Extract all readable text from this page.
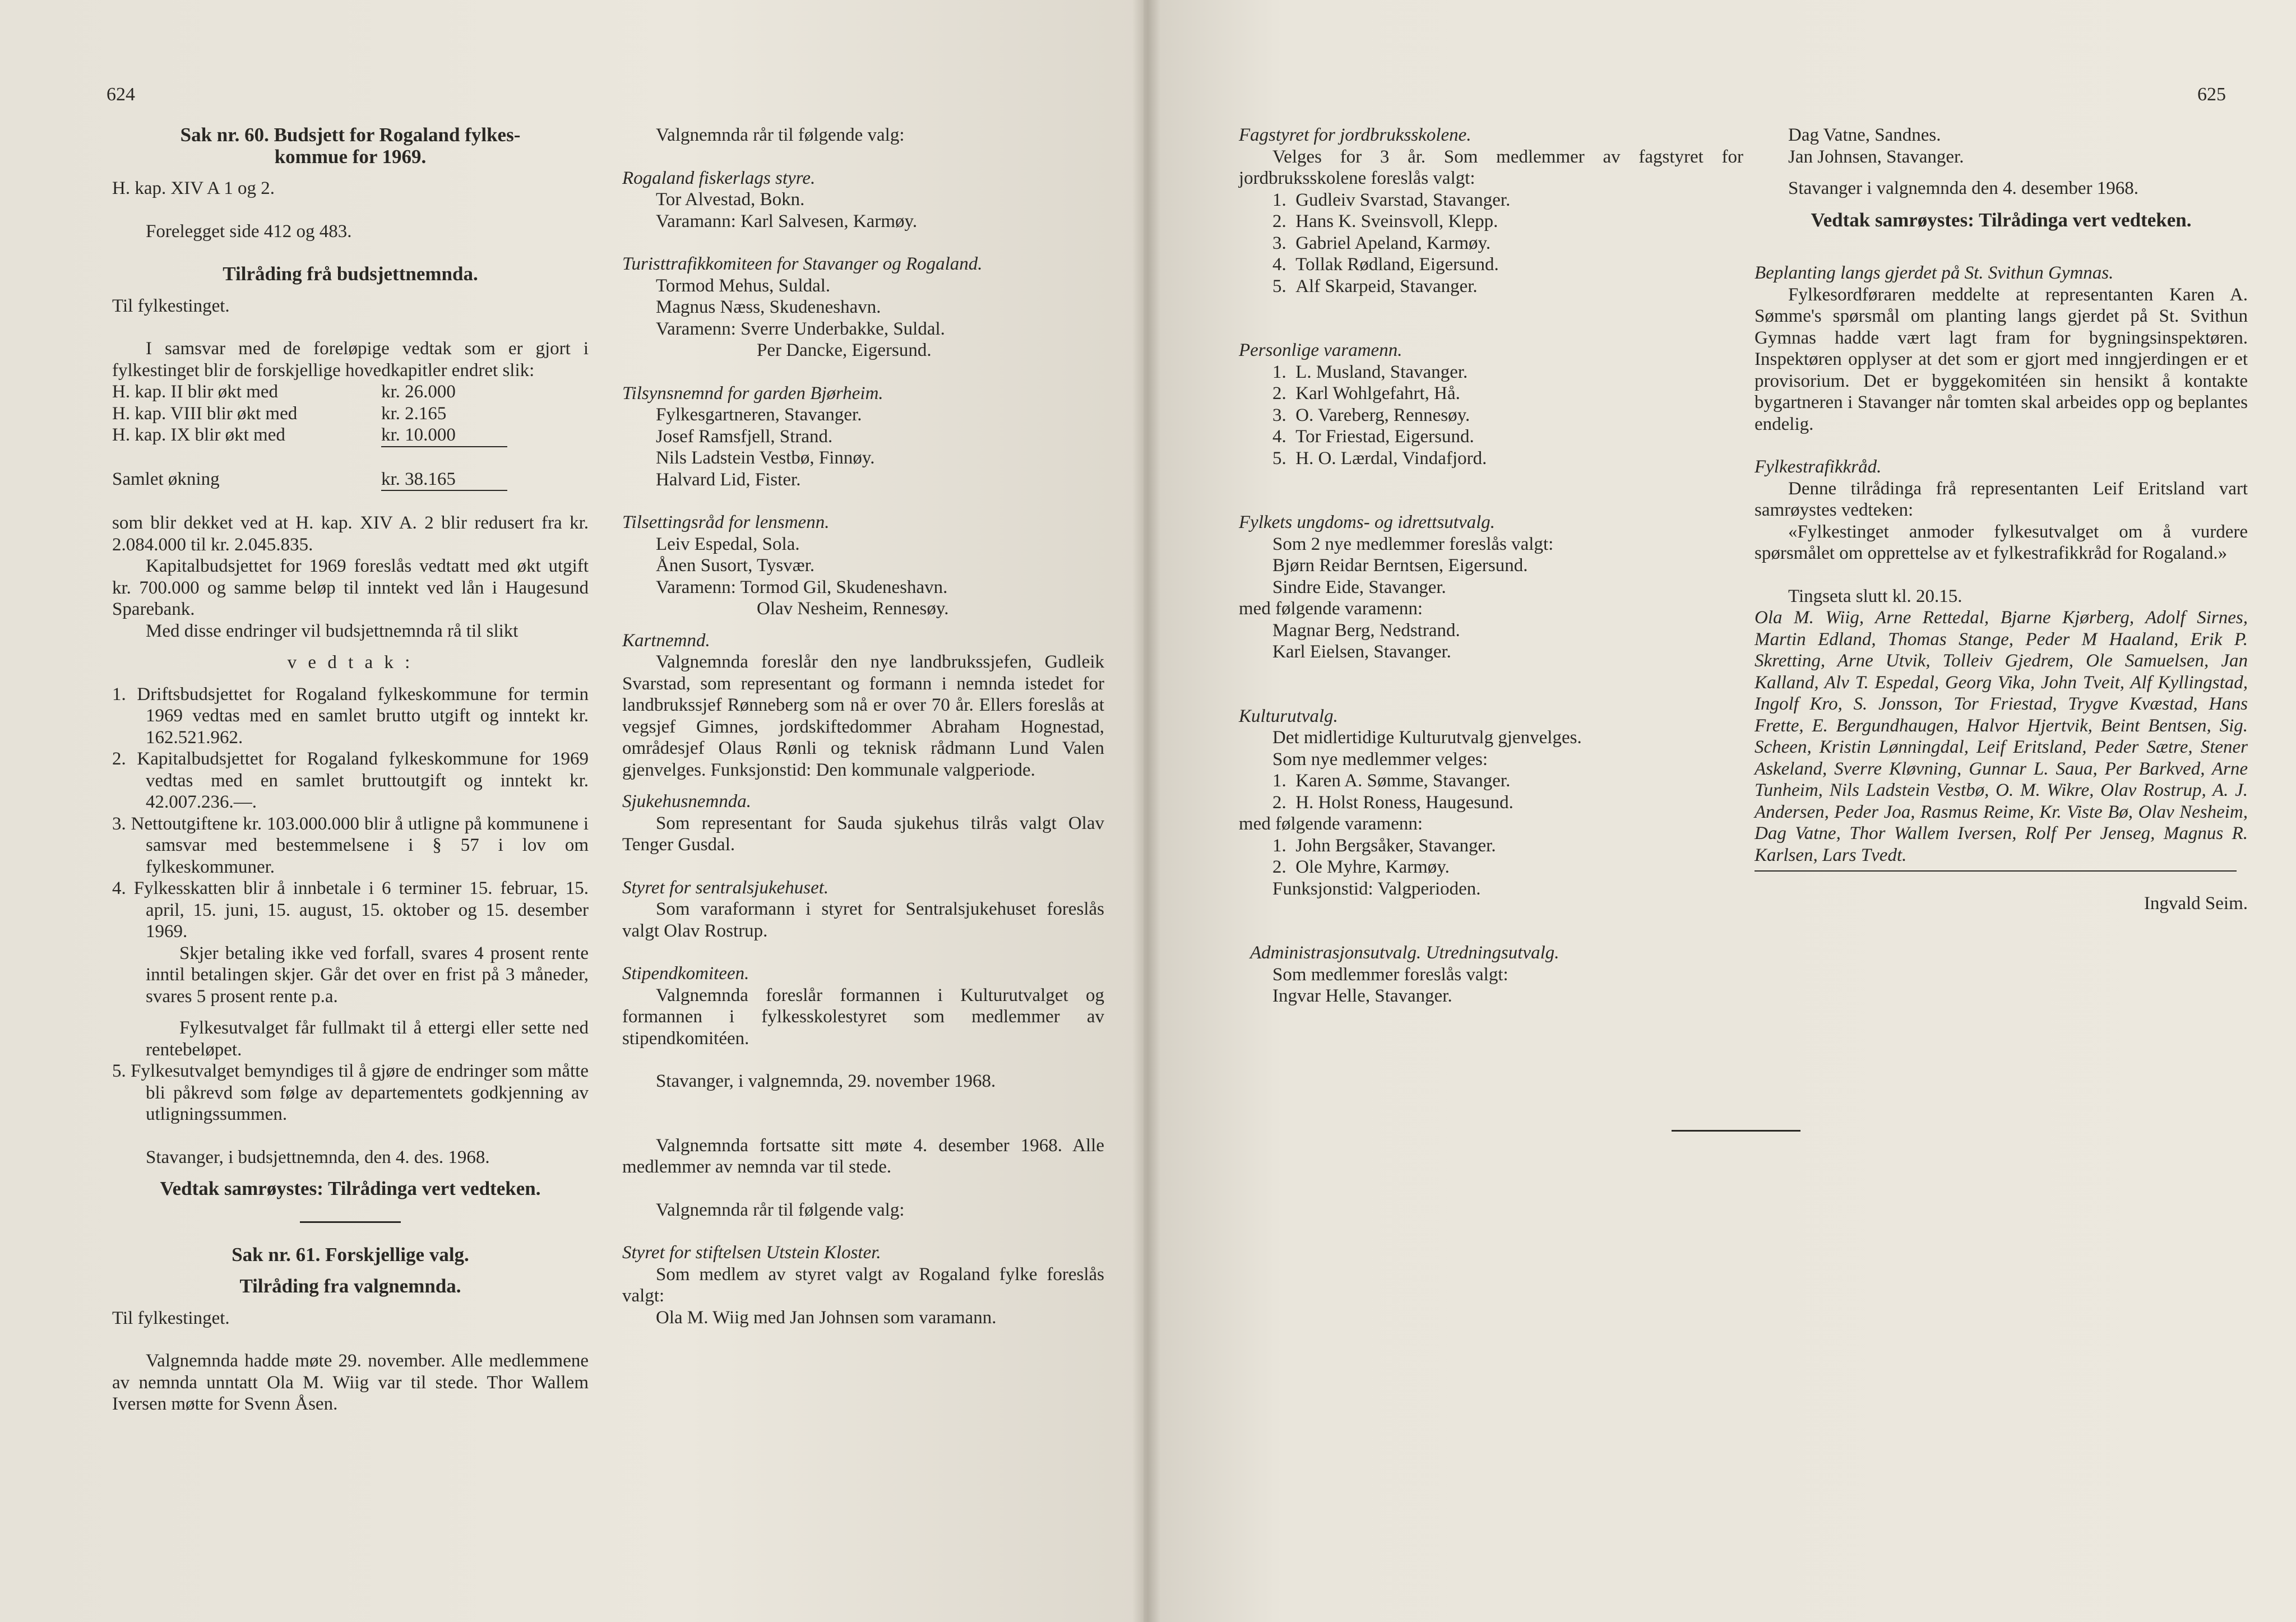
624

Sak nr. 60. Budsjett for Rogaland fylkes-
kommue for 1969.

H. kap. XIV A 1 og 2.

Forelegget side 412 og 483.

Tilråding frå budsjettnemnda.

Til fylkestinget.

I samsvar med de foreløpige vedtak som er gjort i fylkestinget blir de forskjellige hovedkapitler endret slik:

H. kap. II blir økt med	kr. 26.000
H. kap. VIII blir økt med	kr. 2.165
H. kap. IX blir økt med	kr. 10.000
Samlet økning	kr. 38.165

som blir dekket ved at H. kap. XIV A. 2 blir redusert fra kr. 2.084.000 til kr. 2.045.835.

Kapitalbudsjettet for 1969 foreslås vedtatt med økt utgift kr. 700.000 og samme beløp til inntekt ved lån i Haugesund Sparebank.

Med disse endringer vil budsjettnemnda rå til slikt

v e d t a k :

1. Driftsbudsjettet for Rogaland fylkeskommune for termin 1969 vedtas med en samlet brutto utgift og inntekt kr. 162.521.962.

2. Kapitalbudsjettet for Rogaland fylkeskommune for 1969 vedtas med en samlet bruttoutgift og inntekt kr. 42.007.236.—.

3. Nettoutgiftene kr. 103.000.000 blir å utligne på kommunene i samsvar med bestemmelsene i § 57 i lov om fylkeskommuner.

4. Fylkesskatten blir å innbetale i 6 terminer 15. februar, 15. april, 15. juni, 15. august, 15. oktober og 15. desember 1969.

Skjer betaling ikke ved forfall, svares 4 prosent rente inntil betalingen skjer. Går det over en frist på 3 måneder, svares 5 prosent rente p.a.

Fylkesutvalget får fullmakt til å ettergi eller sette ned rentebeløpet.

5. Fylkesutvalget bemyndiges til å gjøre de endringer som måtte bli påkrevd som følge av departementets godkjenning av utligningssummen.

Stavanger, i budsjettnemnda, den 4. des. 1968.

Vedtak samrøystes: Tilrådinga vert vedteken.

Sak nr. 61. Forskjellige valg.

Tilråding fra valgnemnda.

Til fylkestinget.

Valgnemnda hadde møte 29. november. Alle medlemmene av nemnda unntatt Ola M. Wiig var til stede. Thor Wallem Iversen møtte for Svenn Åsen.

Valgnemnda rår til følgende valg:

Rogaland fiskerlags styre.

Tor Alvestad, Bokn.

Varamann: Karl Salvesen, Karmøy.

Turisttrafikkomiteen for Stavanger og Rogaland.

Tormod Mehus, Suldal.

Magnus Næss, Skudeneshavn.

Varamenn: Sverre Underbakke, Suldal.

Per Dancke, Eigersund.

Tilsynsnemnd for garden Bjørheim.

Fylkesgartneren, Stavanger.

Josef Ramsfjell, Strand.

Nils Ladstein Vestbø, Finnøy.

Halvard Lid, Fister.

Tilsettingsråd for lensmenn.

Leiv Espedal, Sola.

Ånen Susort, Tysvær.

Varamenn: Tormod Gil, Skudeneshavn.

Olav Nesheim, Rennesøy.

Kartnemnd.

Valgnemnda foreslår den nye landbrukssjefen, Gudleik Svarstad, som representant og formann i nemnda istedet for landbrukssjef Rønneberg som nå er over 70 år. Ellers foreslås at vegsjef Gimnes, jordskiftedommer Abraham Hognestad, områdesjef Olaus Rønli og teknisk rådmann Lund Valen gjenvelges. Funksjonstid: Den kommunale valgperiode.

Sjukehusnemnda.

Som representant for Sauda sjukehus tilrås valgt Olav Tenger Gusdal.

Styret for sentralsjukehuset.

Som varaformann i styret for Sentralsjukehuset foreslås valgt Olav Rostrup.

Stipendkomiteen.

Valgnemnda foreslår formannen i Kulturutvalget og formannen i fylkesskolestyret som medlemmer av stipendkomitéen.

Stavanger, i valgnemnda, 29. november 1968.

Valgnemnda fortsatte sitt møte 4. desember 1968. Alle medlemmer av nemnda var til stede.

Valgnemnda rår til følgende valg:

Styret for stiftelsen Utstein Kloster.

Som medlem av styret valgt av Rogaland fylke foreslås valgt:

Ola M. Wiig med Jan Johnsen som varamann.

625

Fagstyret for jordbruksskolene.

Velges for 3 år. Som medlemmer av fagstyret for jordbruksskolene foreslås valgt:

1. Gudleiv Svarstad, Stavanger.

2. Hans K. Sveinsvoll, Klepp.

3. Gabriel Apeland, Karmøy.

4. Tollak Rødland, Eigersund.

5. Alf Skarpeid, Stavanger.

Personlige varamenn.

1. L. Musland, Stavanger.

2. Karl Wohlgefahrt, Hå.

3. O. Vareberg, Rennesøy.

4. Tor Friestad, Eigersund.

5. H. O. Lærdal, Vindafjord.

Fylkets ungdoms- og idrettsutvalg.

Som 2 nye medlemmer foreslås valgt:

Bjørn Reidar Berntsen, Eigersund.

Sindre Eide, Stavanger.

med følgende varamenn:

Magnar Berg, Nedstrand.

Karl Eielsen, Stavanger.

Kulturutvalg.

Det midlertidige Kulturutvalg gjenvelges.

Som nye medlemmer velges:

1. Karen A. Sømme, Stavanger.

2. H. Holst Roness, Haugesund.

med følgende varamenn:

1. John Bergsåker, Stavanger.

2. Ole Myhre, Karmøy.

Funksjonstid: Valgperioden.

Administrasjonsutvalg. Utredningsutvalg.

Som medlemmer foreslås valgt:

Ingvar Helle, Stavanger.

Dag Vatne, Sandnes.

Jan Johnsen, Stavanger.

Stavanger i valgnemnda den 4. desember 1968.

Vedtak samrøystes: Tilrådinga vert vedteken.

Beplanting langs gjerdet på St. Svithun Gymnas.

Fylkesordføraren meddelte at representanten Karen A. Sømme's spørsmål om planting langs gjerdet på St. Svithun Gymnas hadde vært lagt fram for bygningsinspektøren. Inspektøren opplyser at det som er gjort med inngjerdingen er et provisorium. Det er byggekomitéen sin hensikt å kontakte bygartneren i Stavanger når tomten skal arbeides opp og beplantes endelig.

Fylkestrafikkråd.

Denne tilrådinga frå representanten Leif Eritsland vart samrøystes vedteken:

«Fylkestinget anmoder fylkesutvalget om å vurdere spørsmålet om opprettelse av et fylkestrafikkråd for Rogaland.»

Tingseta slutt kl. 20.15.

Ola M. Wiig, Arne Rettedal, Bjarne Kjørberg, Adolf Sirnes, Martin Edland, Thomas Stange, Peder M Haaland, Erik P. Skretting, Arne Utvik, Tolleiv Gjedrem, Ole Samuelsen, Jan Kalland, Alv T. Espedal, Georg Vika, John Tveit, Alf Kyllingstad, Ingolf Kro, S. Jonsson, Tor Friestad, Trygve Kvæstad, Hans Frette, E. Bergundhaugen, Halvor Hjertvik, Beint Bentsen, Sig. Scheen, Kristin Lønningdal, Leif Eritsland, Peder Sætre, Stener Askeland, Sverre Kløvning, Gunnar L. Saua, Per Barkved, Arne Tunheim, Nils Ladstein Vestbø, O. M. Wikre, Olav Rostrup, A. J. Andersen, Peder Joa, Rasmus Reime, Kr. Viste Bø, Olav Nesheim, Dag Vatne, Thor Wallem Iversen, Rolf Per Jenseg, Magnus R. Karlsen, Lars Tvedt.

Ingvald Seim.
